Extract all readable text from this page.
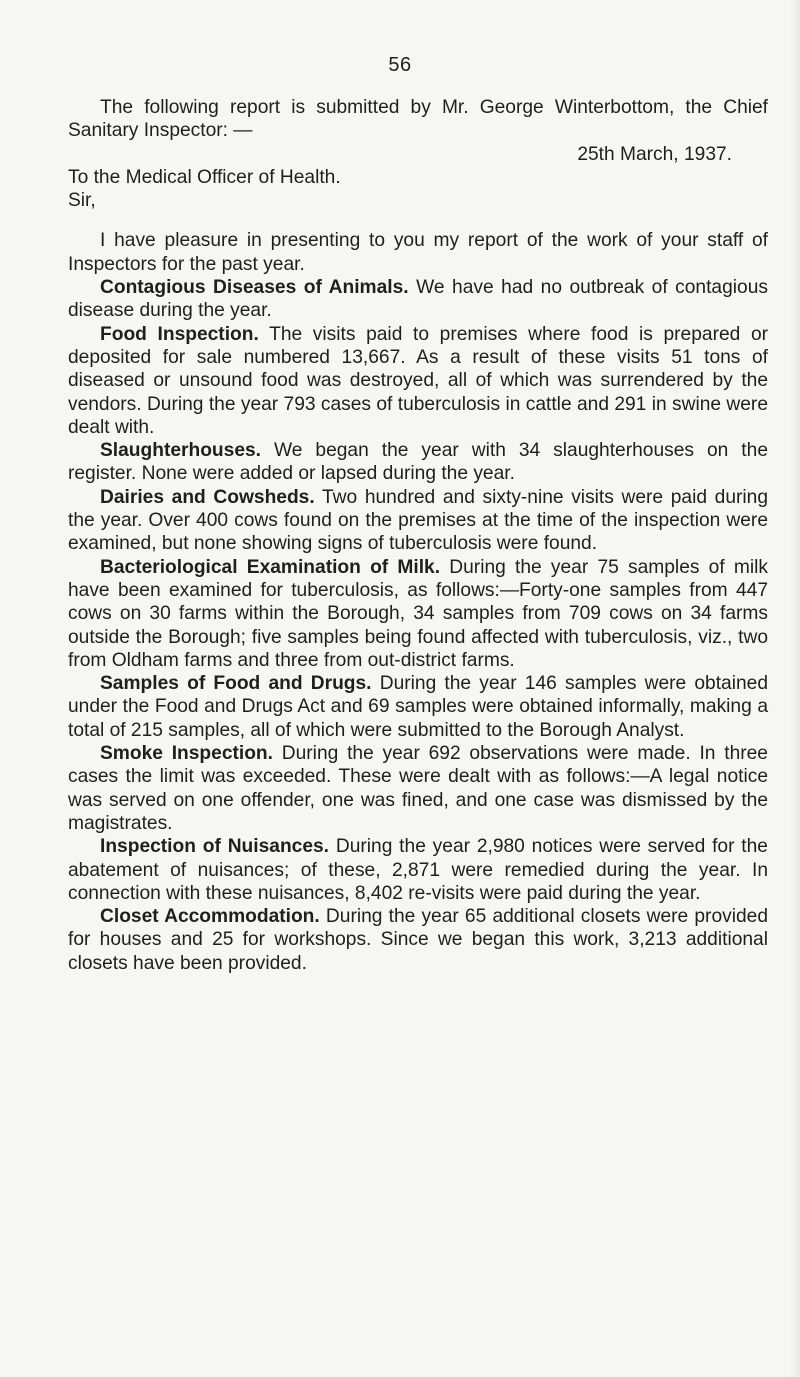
56

The following report is submitted by Mr. George Winterbottom, the Chief Sanitary Inspector: —

25th March, 1937.

To the Medical Officer of Health.

Sir,

I have pleasure in presenting to you my report of the work of your staff of Inspectors for the past year.

Contagious Diseases of Animals. We have had no outbreak of contagious disease during the year.

Food Inspection. The visits paid to premises where food is prepared or deposited for sale numbered 13,667. As a result of these visits 51 tons of diseased or unsound food was destroyed, all of which was surrendered by the vendors. During the year 793 cases of tuberculosis in cattle and 291 in swine were dealt with.

Slaughterhouses. We began the year with 34 slaughterhouses on the register. None were added or lapsed during the year.

Dairies and Cowsheds. Two hundred and sixty-nine visits were paid during the year. Over 400 cows found on the premises at the time of the inspection were examined, but none showing signs of tuberculosis were found.

Bacteriological Examination of Milk. During the year 75 samples of milk have been examined for tuberculosis, as follows:—Forty-one samples from 447 cows on 30 farms within the Borough, 34 samples from 709 cows on 34 farms outside the Borough; five samples being found affected with tuberculosis, viz., two from Oldham farms and three from out-district farms.

Samples of Food and Drugs. During the year 146 samples were obtained under the Food and Drugs Act and 69 samples were obtained informally, making a total of 215 samples, all of which were submitted to the Borough Analyst.

Smoke Inspection. During the year 692 observations were made. In three cases the limit was exceeded. These were dealt with as follows:—A legal notice was served on one offender, one was fined, and one case was dismissed by the magistrates.

Inspection of Nuisances. During the year 2,980 notices were served for the abatement of nuisances; of these, 2,871 were remedied during the year. In connection with these nuisances, 8,402 re-visits were paid during the year.

Closet Accommodation. During the year 65 additional closets were provided for houses and 25 for workshops. Since we began this work, 3,213 additional closets have been provided.
